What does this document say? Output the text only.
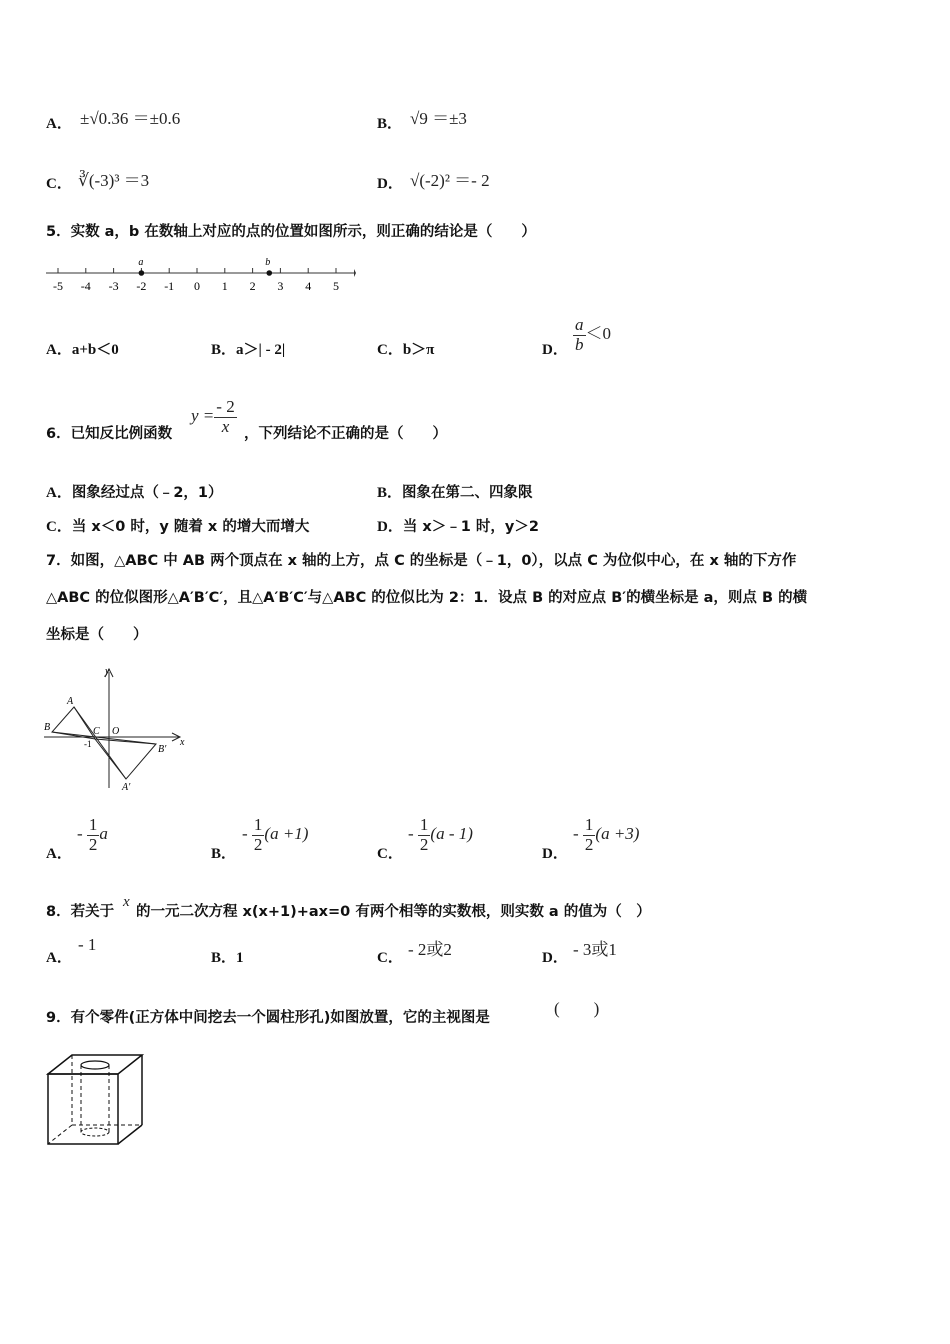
A． ±√0.36 ＝±0.6	B． √9 ＝±3
C． ∛(-3)³ ＝3	D． √(-2)² ＝- 2
5．实数 a，b 在数轴上对应的点的位置如图所示，则正确的结论是（　　）
-5 -4 -3 -2 -1 0 1 2 3 4 5
a	b
A．a+b＜0	B．a＞| - 2|	C．b＞π	D． $\frac{a}{b} <0$
6．已知反比例函数
$y = \frac{- 2}{x}$ ，下列结论不正确的是（　　）
A．图象经过点（﹣2，1）	B．图象在第二、四象限
C．当 x＜0 时，y 随着 x 的增大而增大	D．当 x＞﹣1 时，y＞2
7．如图，△ABC 中 AB 两个顶点在 x 轴的上方，点 C 的坐标是（﹣1，0），以点 C 为位似中心，在 x 轴的下方作
△ABC 的位似图形△A′B′C′，且△A′B′C′与△ABC 的位似比为 2：1．设点 B 的对应点 B′的横坐标是 a，则点 B 的横
坐标是（　　）
y
x
A
B	C O
-1
A′
B′
A．
- $\frac{1}{2}$ a
B．
- $\frac{1}{2} (a +1)$
C．
- $\frac{1}{2} (a - 1)$
D．
- $\frac{1}{2} (a +3)$
8．若关于
x
的一元二次方程 x(x+1)+ax=0 有两个相等的实数根，则实数 a 的值为（　）
A．
- 1
B．1	C． - 2或2	D． - 3或1
9．有个零件(正方体中间挖去一个圆柱形孔)如图放置，它的主视图是	(　　)
